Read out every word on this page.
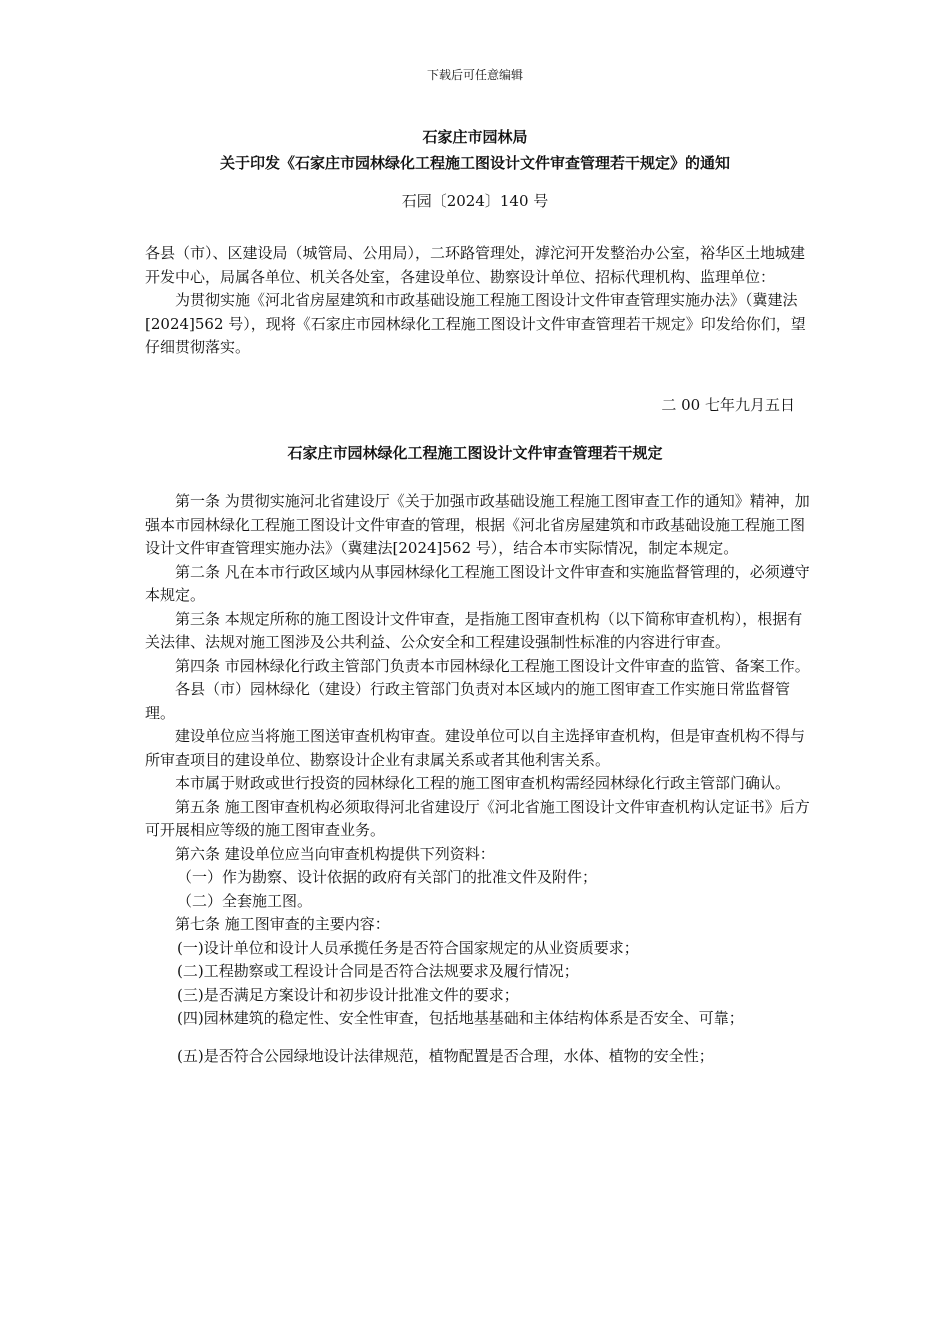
下载后可任意编辑
石家庄市园林局
关于印发《石家庄市园林绿化工程施工图设计文件审查管理若干规定》的通知
石园〔2024〕140 号

各县（市）、区建设局（城管局、公用局），二环路管理处，滹沱河开发整治办公室，裕华区土地城建开发中心，局属各单位、机关各处室，各建设单位、勘察设计单位、招标代理机构、监理单位：

为贯彻实施《河北省房屋建筑和市政基础设施工程施工图设计文件审查管理实施办法》（冀建法[2024]562 号），现将《石家庄市园林绿化工程施工图设计文件审查管理若干规定》印发给你们，望仔细贯彻落实。

二 00 七年九月五日
石家庄市园林绿化工程施工图设计文件审查管理若干规定

第一条 为贯彻实施河北省建设厅《关于加强市政基础设施工程施工图审查工作的通知》精神，加强本市园林绿化工程施工图设计文件审查的管理，根据《河北省房屋建筑和市政基础设施工程施工图设计文件审查管理实施办法》（冀建法[2024]562 号），结合本市实际情况，制定本规定。

第二条 凡在本市行政区域内从事园林绿化工程施工图设计文件审查和实施监督管理的，必须遵守本规定。

第三条 本规定所称的施工图设计文件审查，是指施工图审查机构（以下简称审查机构），根据有关法律、法规对施工图涉及公共利益、公众安全和工程建设强制性标准的内容进行审查。

第四条 市园林绿化行政主管部门负责本市园林绿化工程施工图设计文件审查的监管、备案工作。

各县（市）园林绿化（建设）行政主管部门负责对本区域内的施工图审查工作实施日常监督管理。

建设单位应当将施工图送审查机构审查。建设单位可以自主选择审查机构，但是审查机构不得与所审查项目的建设单位、勘察设计企业有隶属关系或者其他利害关系。

本市属于财政或世行投资的园林绿化工程的施工图审查机构需经园林绿化行政主管部门确认。

第五条 施工图审查机构必须取得河北省建设厅《河北省施工图设计文件审查机构认定证书》后方可开展相应等级的施工图审查业务。

第六条 建设单位应当向审查机构提供下列资料：

（一）作为勘察、设计依据的政府有关部门的批准文件及附件；

（二）全套施工图。

第七条 施工图审查的主要内容：

(一)设计单位和设计人员承揽任务是否符合国家规定的从业资质要求；

(二)工程勘察或工程设计合同是否符合法规要求及履行情况；

(三)是否满足方案设计和初步设计批准文件的要求；

(四)园林建筑的稳定性、安全性审查，包括地基基础和主体结构体系是否安全、可靠；

(五)是否符合公园绿地设计法律规范，植物配置是否合理，水体、植物的安全性；
